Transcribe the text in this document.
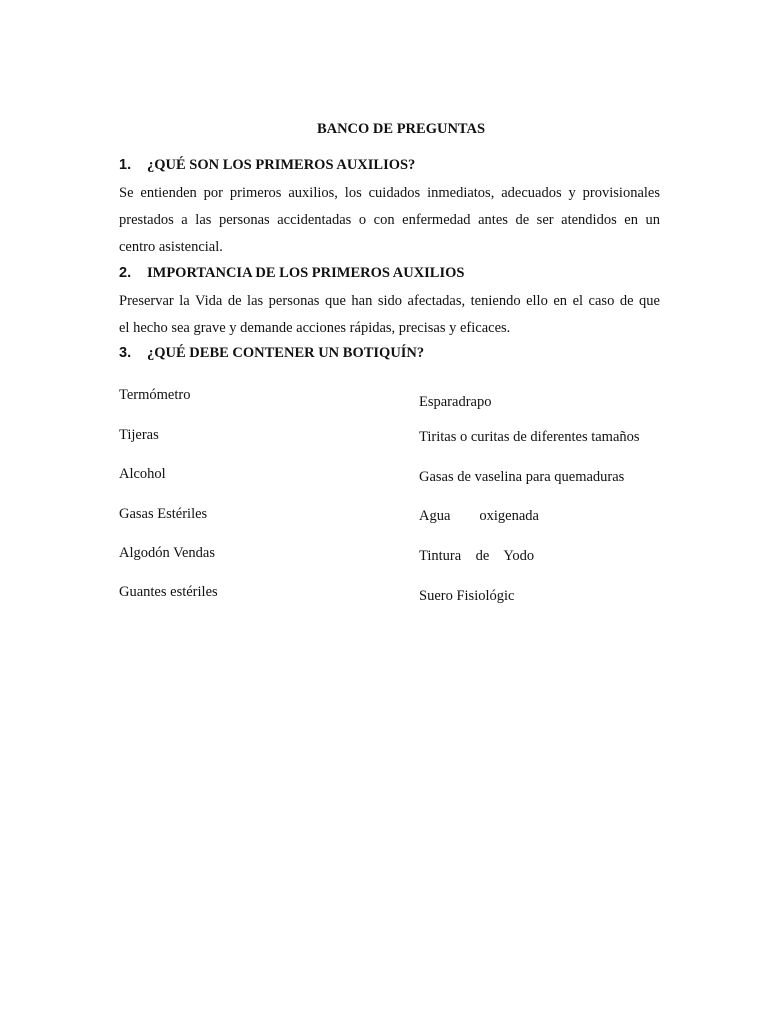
BANCO DE PREGUNTAS
1. ¿QUÉ SON LOS PRIMEROS AUXILIOS?
Se entienden por primeros auxilios, los cuidados inmediatos, adecuados y provisionales
prestados a las personas accidentadas o con enfermedad antes de ser atendidos en un
centro asistencial.
2. IMPORTANCIA DE LOS PRIMEROS AUXILIOS
Preservar la Vida de las personas que han sido afectadas, teniendo ello en el caso de que
el hecho sea grave y demande acciones rápidas, precisas y eficaces.
3. ¿QUÉ DEBE CONTENER UN BOTIQUÍN?
Termómetro
Tijeras
Alcohol
Gasas Estériles
Algodón Vendas
Guantes estériles
Esparadrapo
Tiritas o curitas de diferentes tamaños
Gasas de vaselina para quemaduras
Agua        oxigenada
Tintura    de    Yodo
Suero Fisiológic
